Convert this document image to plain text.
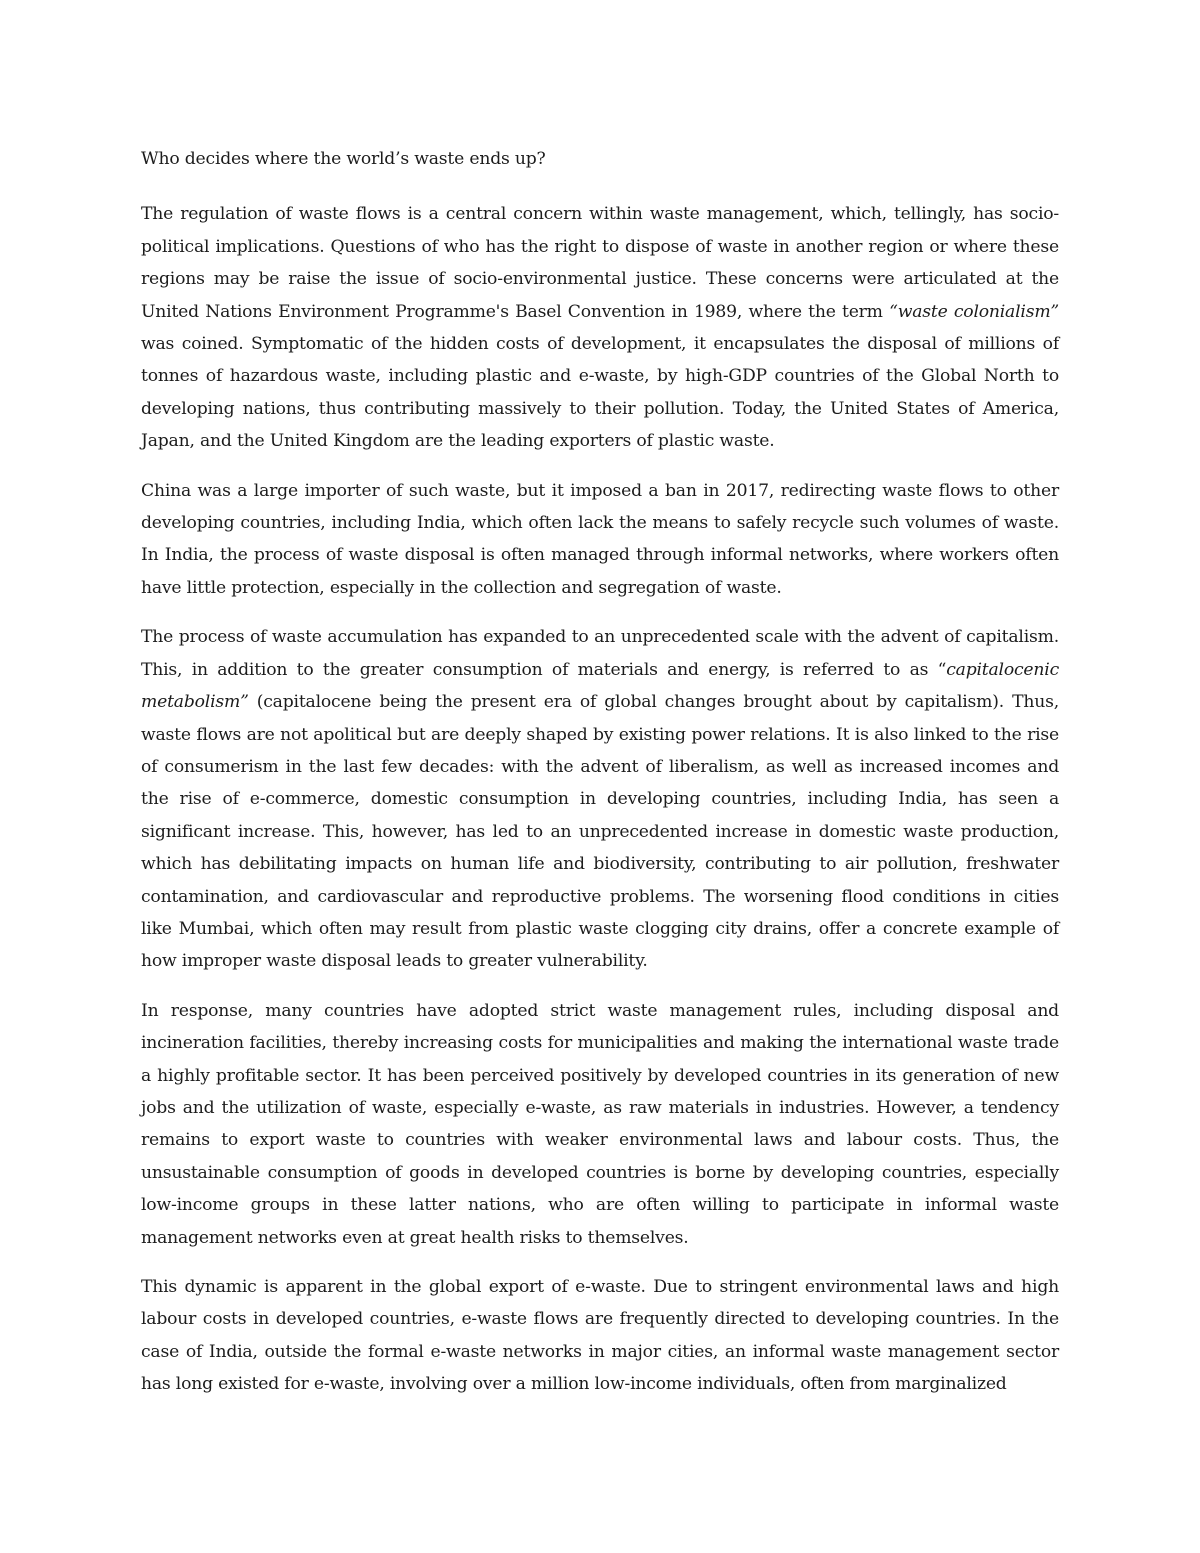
Who decides where the world’s waste ends up?

The regulation of waste flows is a central concern within waste management, which, tellingly, has socio-political implications. Questions of who has the right to dispose of waste in another region or where these regions may be raise the issue of socio-environmental justice. These concerns were articulated at the United Nations Environment Programme's Basel Convention in 1989, where the term “waste colonialism” was coined. Symptomatic of the hidden costs of development, it encapsulates the disposal of millions of tonnes of hazardous waste, including plastic and e-waste, by high-GDP countries of the Global North to developing nations, thus contributing massively to their pollution. Today, the United States of America, Japan, and the United Kingdom are the leading exporters of plastic waste.

China was a large importer of such waste, but it imposed a ban in 2017, redirecting waste flows to other developing countries, including India, which often lack the means to safely recycle such volumes of waste. In India, the process of waste disposal is often managed through informal networks, where workers often have little protection, especially in the collection and segregation of waste.

The process of waste accumulation has expanded to an unprecedented scale with the advent of capitalism. This, in addition to the greater consumption of materials and energy, is referred to as “capitalocenic metabolism” (capitalocene being the present era of global changes brought about by capitalism). Thus, waste flows are not apolitical but are deeply shaped by existing power relations. It is also linked to the rise of consumerism in the last few decades: with the advent of liberalism, as well as increased incomes and the rise of e-commerce, domestic consumption in developing countries, including India, has seen a significant increase. This, however, has led to an unprecedented increase in domestic waste production, which has debilitating impacts on human life and biodiversity, contributing to air pollution, freshwater contamination, and cardiovascular and reproductive problems. The worsening flood conditions in cities like Mumbai, which often may result from plastic waste clogging city drains, offer a concrete example of how improper waste disposal leads to greater vulnerability.

In response, many countries have adopted strict waste management rules, including disposal and incineration facilities, thereby increasing costs for municipalities and making the international waste trade a highly profitable sector. It has been perceived positively by developed countries in its generation of new jobs and the utilization of waste, especially e-waste, as raw materials in industries. However, a tendency remains to export waste to countries with weaker environmental laws and labour costs. Thus, the unsustainable consumption of goods in developed countries is borne by developing countries, especially low-income groups in these latter nations, who are often willing to participate in informal waste management networks even at great health risks to themselves.

This dynamic is apparent in the global export of e-waste. Due to stringent environmental laws and high labour costs in developed countries, e-waste flows are frequently directed to developing countries. In the case of India, outside the formal e-waste networks in major cities, an informal waste management sector has long existed for e-waste, involving over a million low-income individuals, often from marginalized
